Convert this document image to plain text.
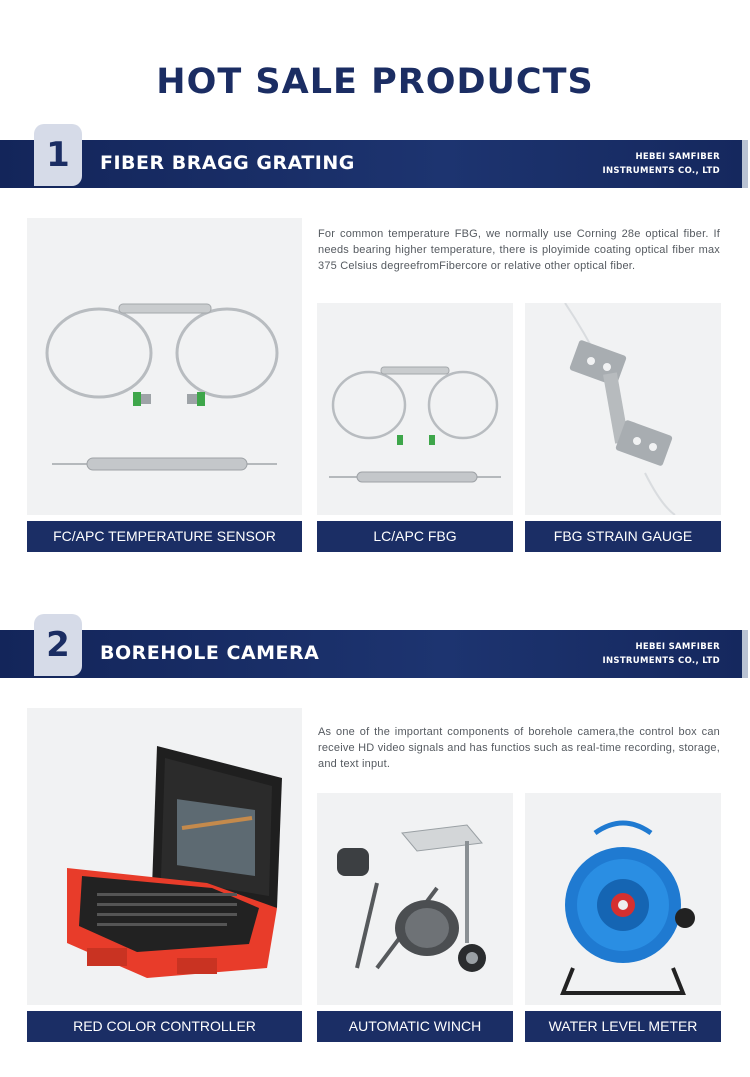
HOT SALE PRODUCTS
FIBER BRAGG GRATING	HEBEI SAMFIBER
INSTRUMENTS CO., LTD
1
For common temperature FBG, we normally use Corning 28e optical fiber. If needs bearing higher temperature, there is ployimide coating optical fiber max 375 Celsius degreefromFibercore or relative other optical fiber.
FC/APC TEMPERATURE SENSOR	LC/APC FBG	FBG STRAIN GAUGE
BOREHOLE CAMERA	HEBEI SAMFIBER
INSTRUMENTS CO., LTD
2
As one of the important components of borehole camera,the control box can receive HD video signals and has functios such as real-time recording, storage, and text input.
RED COLOR CONTROLLER	AUTOMATIC WINCH	WATER LEVEL METER
